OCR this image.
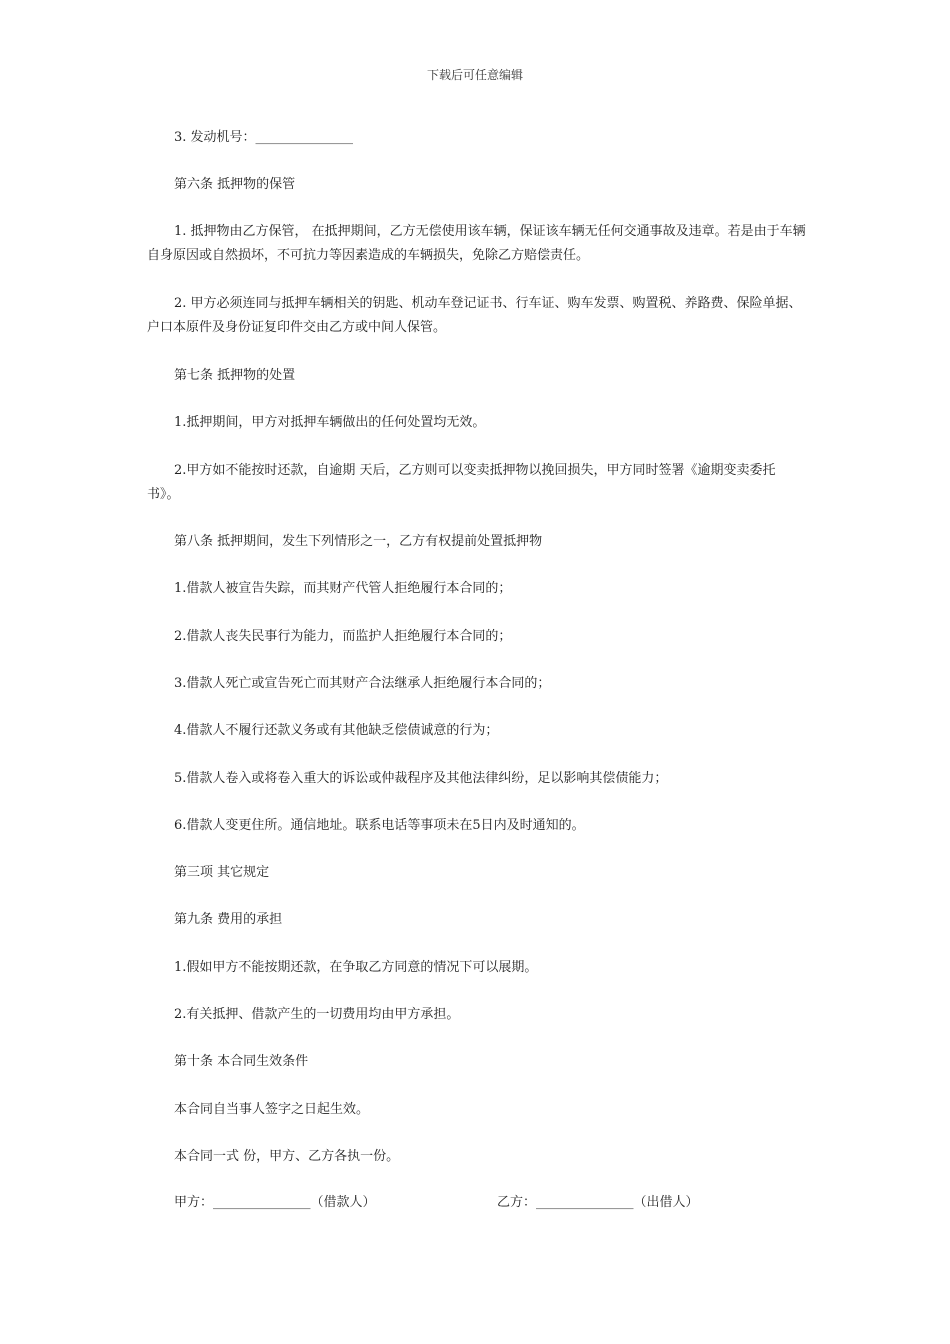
下载后可任意编辑

3. 发动机号：_______________

第六条 抵押物的保管

1. 抵押物由乙方保管， 在抵押期间，乙方无偿使用该车辆，保证该车辆无任何交通事故及违章。若是由于车辆自身原因或自然损坏，不可抗力等因素造成的车辆损失，免除乙方赔偿责任。

2. 甲方必须连同与抵押车辆相关的钥匙、机动车登记证书、行车证、购车发票、购置税、养路费、保险单据、户口本原件及身份证复印件交由乙方或中间人保管。

第七条 抵押物的处置

1.抵押期间，甲方对抵押车辆做出的任何处置均无效。

2.甲方如不能按时还款，自逾期 天后，乙方则可以变卖抵押物以挽回损失，甲方同时签署《逾期变卖委托书》。

第八条 抵押期间，发生下列情形之一，乙方有权提前处置抵押物

1.借款人被宣告失踪，而其财产代管人拒绝履行本合同的；

2.借款人丧失民事行为能力，而监护人拒绝履行本合同的；

3.借款人死亡或宣告死亡而其财产合法继承人拒绝履行本合同的；

4.借款人不履行还款义务或有其他缺乏偿债诚意的行为；

5.借款人卷入或将卷入重大的诉讼或仲裁程序及其他法律纠纷，足以影响其偿债能力；

6.借款人变更住所。通信地址。联系电话等事项未在5日内及时通知的。

第三项 其它规定

第九条 费用的承担

1.假如甲方不能按期还款，在争取乙方同意的情况下可以展期。

2.有关抵押、借款产生的一切费用均由甲方承担。

第十条 本合同生效条件

本合同自当事人签字之日起生效。

本合同一式 份，甲方、乙方各执一份。

甲方：_______________（借款人）	乙方：_______________（出借人）
